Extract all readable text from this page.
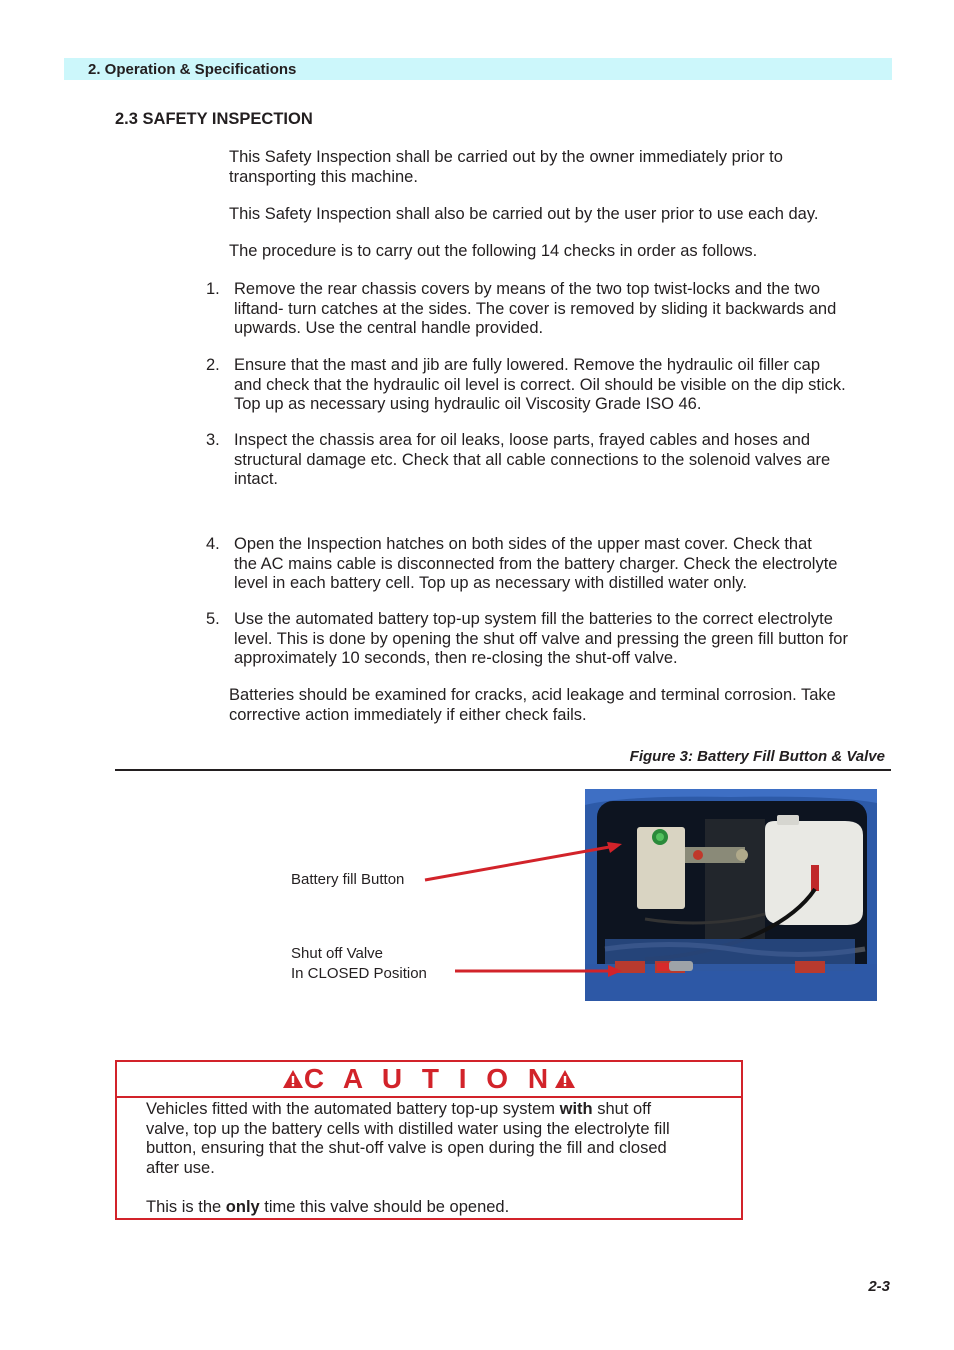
2. Operation & Specifications
2.3 SAFETY INSPECTION
This Safety Inspection shall be carried out by the owner immediately prior to
transporting this machine.
This Safety Inspection shall also be carried out by the user prior to use each day.
The procedure is to carry out the following 14 checks in order as follows.
1. Remove the rear chassis covers by means of the two top twist-locks and the two
liftand- turn catches at the sides. The cover is removed by sliding it backwards and
upwards. Use the central handle provided.
2. Ensure that the mast and jib are fully lowered. Remove the hydraulic oil filler cap
and check that the hydraulic oil level is correct. Oil should be visible on the dip stick.
Top up as necessary using hydraulic oil Viscosity Grade ISO 46.
3. Inspect the chassis area for oil leaks, loose parts, frayed cables and hoses and
structural damage etc. Check that all cable connections to the solenoid valves are
intact.
4. Open the Inspection hatches on both sides of the upper mast cover. Check that
the AC mains cable is disconnected from the battery charger. Check the electrolyte
level in each battery cell. Top up as necessary with distilled water only.
5. Use the automated battery top-up system fill the batteries to the correct electrolyte
level. This is done by opening the shut off valve and pressing the green fill button for
approximately 10 seconds, then re-closing the shut-off valve.
Batteries should be examined for cracks, acid leakage and terminal corrosion. Take
corrective action immediately if either check fails.
Figure 3: Battery Fill Button & Valve
Battery fill Button
Shut off Valve
In CLOSED Position
C A U T I O N

Vehicles fitted with the automated battery top-up system with shut off

valve, top up the battery cells with distilled water using the electrolyte fill

button, ensuring that the shut-off valve is open during the fill and closed

after use.

This is the only time this valve should be opened.

2-3
